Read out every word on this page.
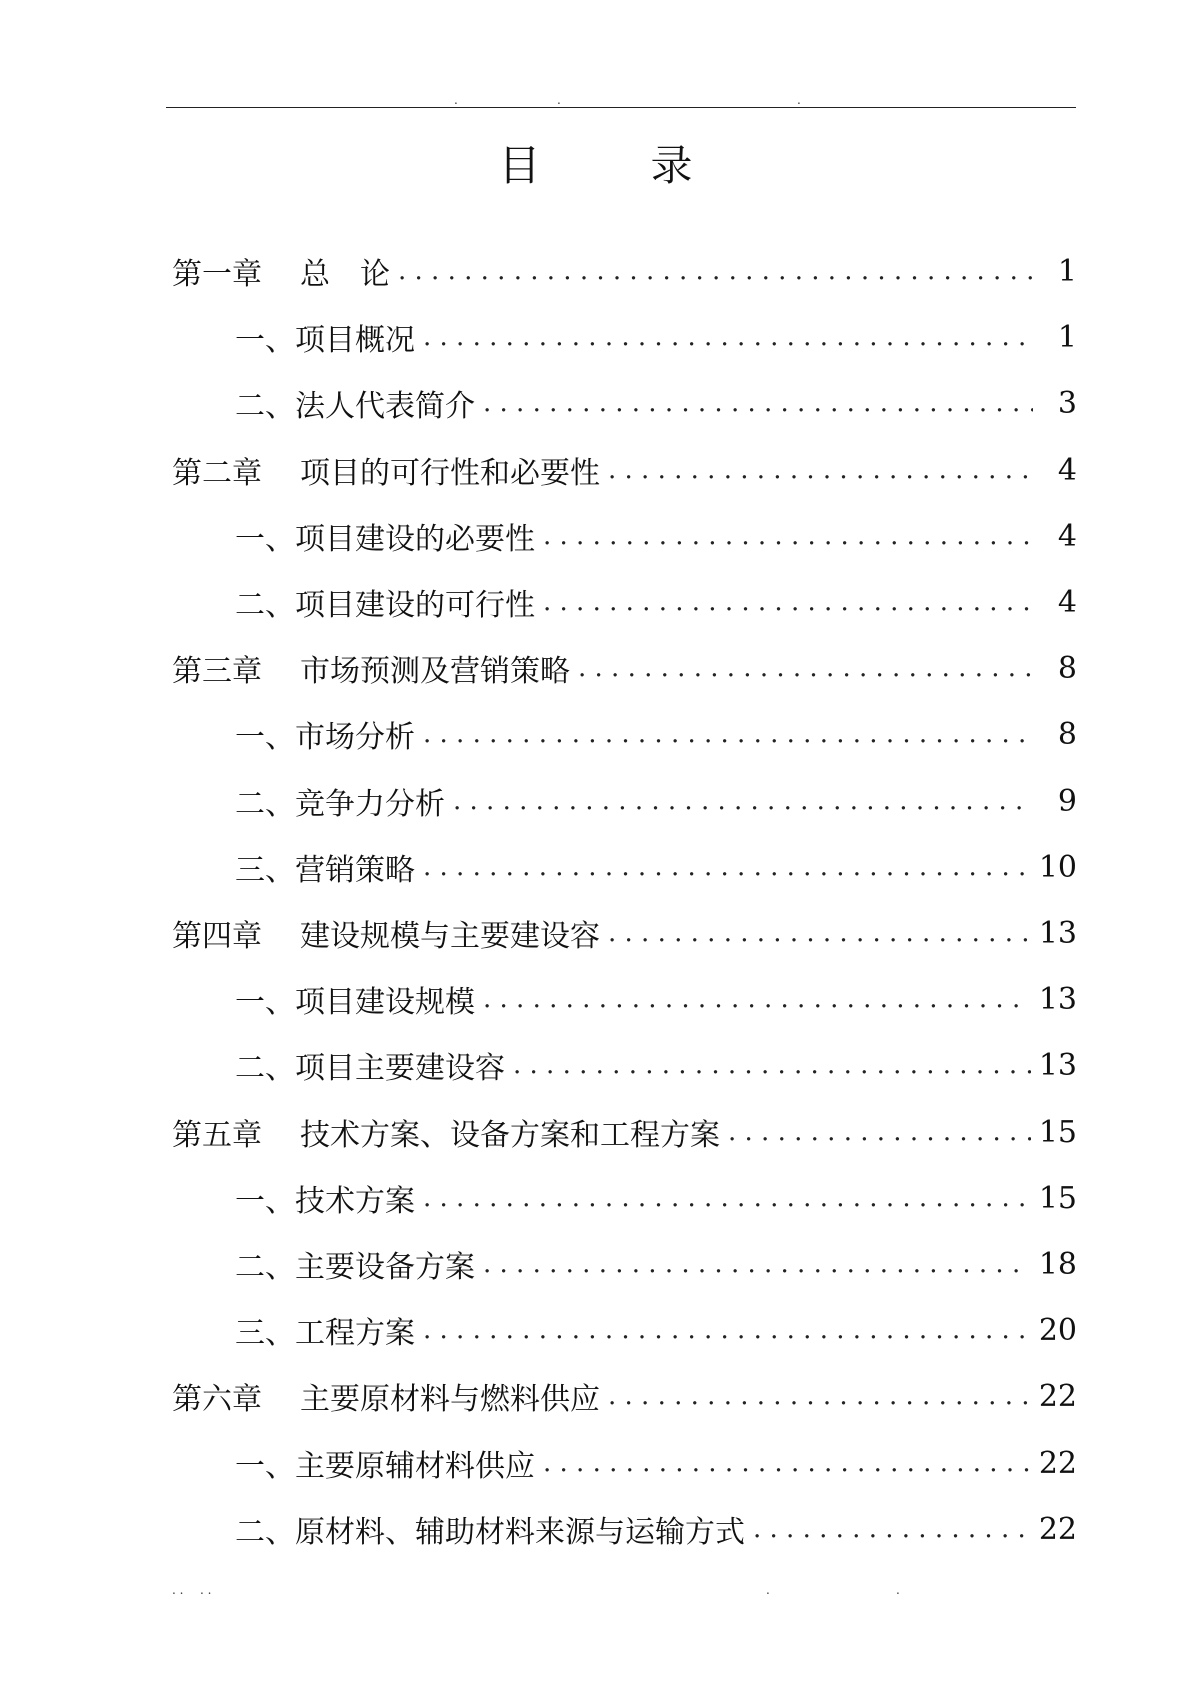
.	.	.
目　录
第一章	总　论 . . .	1
一、项目概况 . . .	1
二、法人代表简介 . . .	3
第二章	项目的可行性和必要性 . . .	4
一、项目建设的必要性 . . .	4
二、项目建设的可行性 . . .	4
第三章	市场预测及营销策略 . . .	8
一、市场分析 . . .	8
二、竞争力分析 . . .	9
三、营销策略 . . .	10
第四章	建设规模与主要建设容 . . .	13
一、项目建设规模 . . .	13
二、项目主要建设容 . . .	13
第五章	技术方案、设备方案和工程方案 . . .	15
一、技术方案 . . .	15
二、主要设备方案 . . .	18
三、工程方案 . . .	20
第六章	主要原材料与燃料供应 . . .	22
一、主要原辅材料供应 . . .	22
二、原材料、辅助材料来源与运输方式 . . .	22
. . . .	.	.
